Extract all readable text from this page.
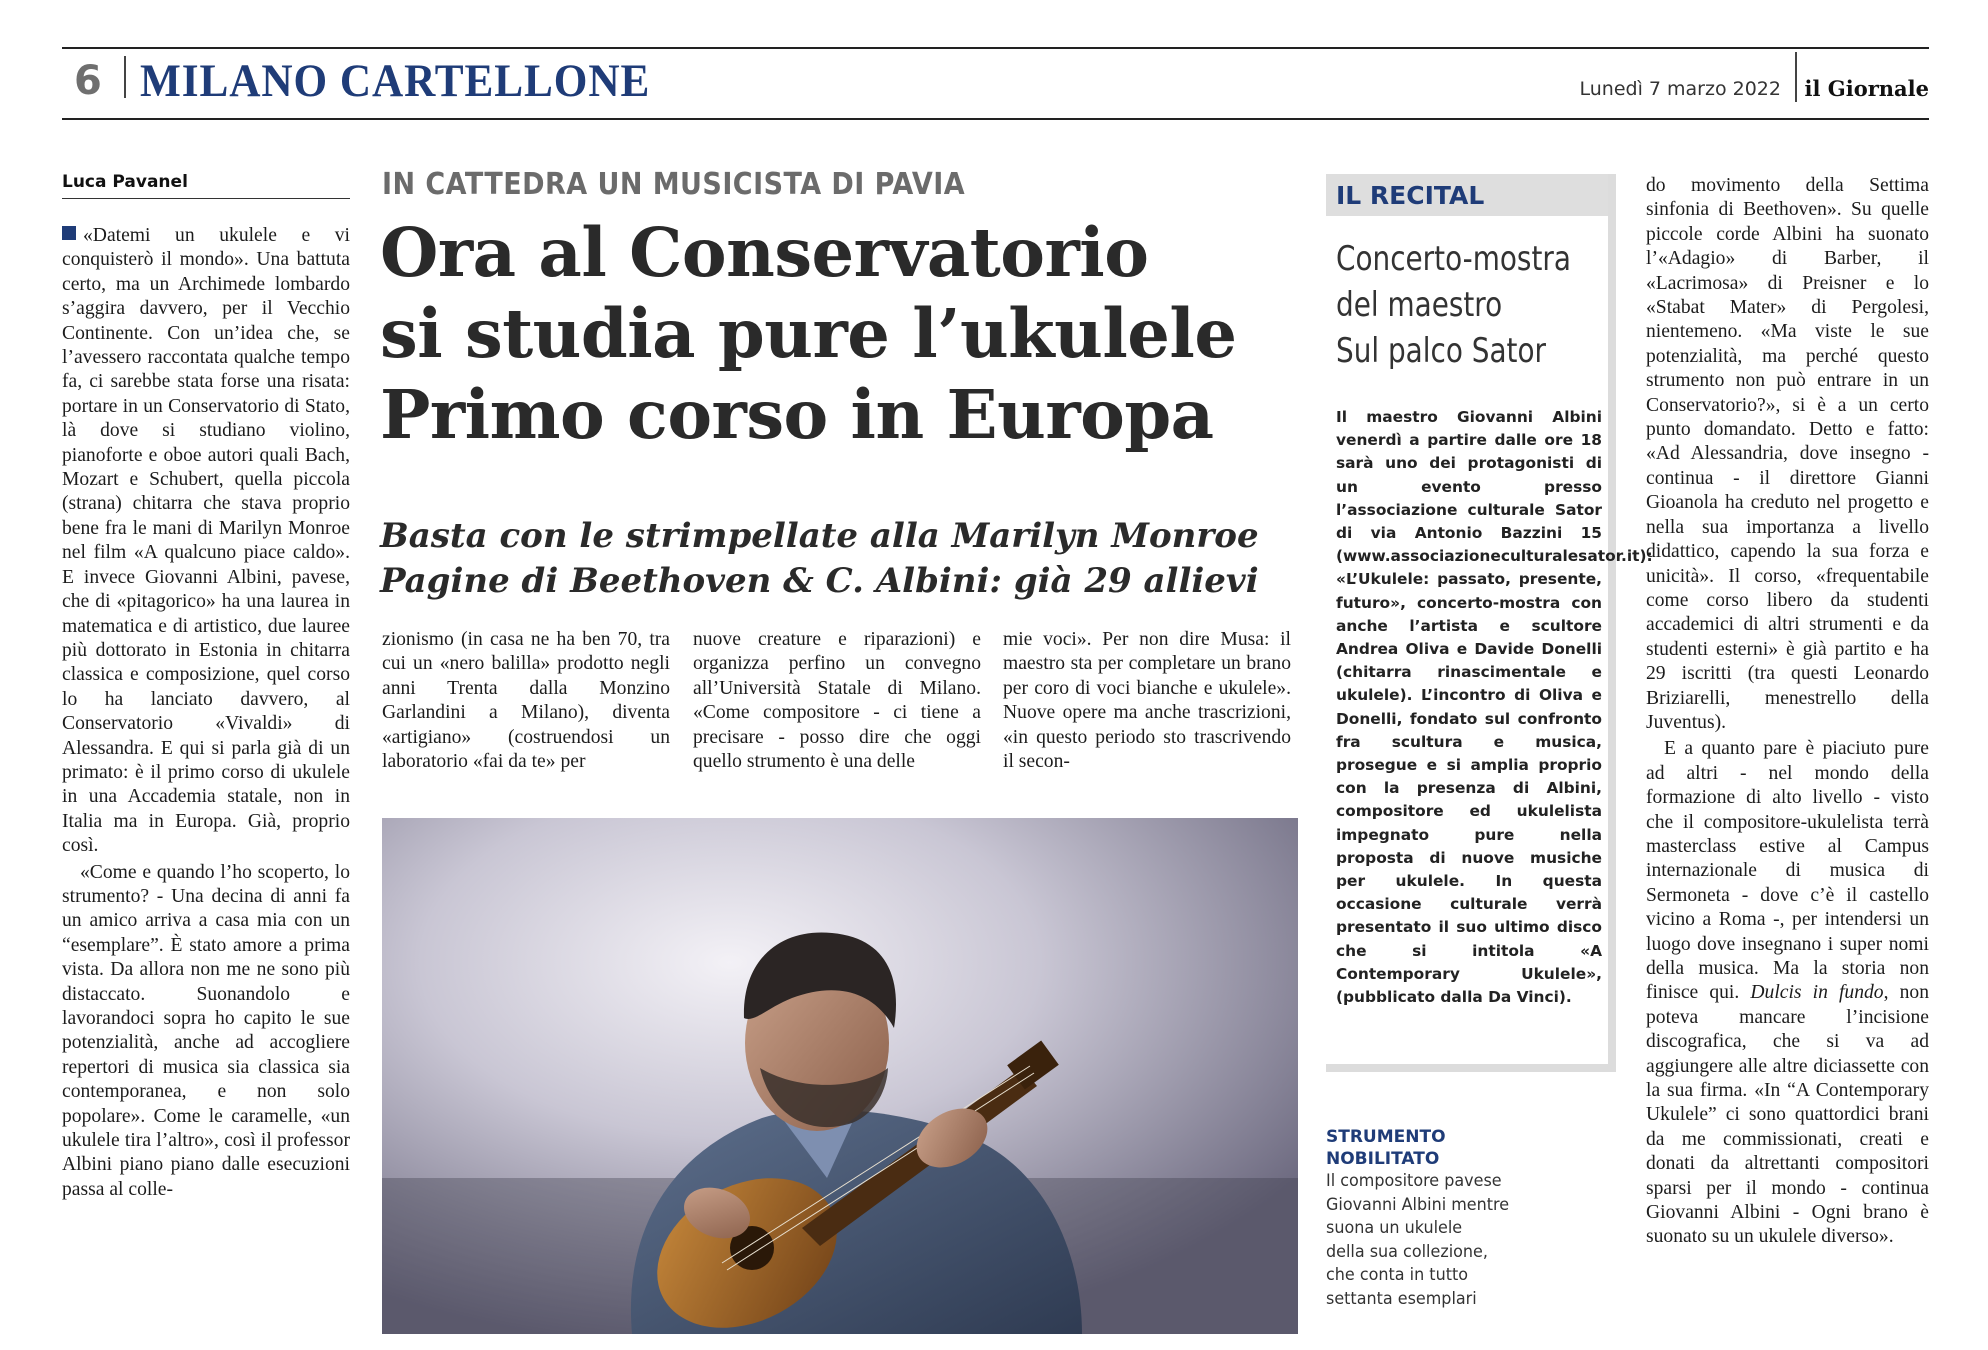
6 MILANO CARTELLONE	Lunedì 7 marzo 2022 il Giornale
Luca Pavanel

«Datemi un ukulele e vi conquisterò il mondo». Una battuta certo, ma un Archimede lombardo s’aggira davvero, per il Vecchio Continente. Con un’idea che, se l’avessero raccontata qualche tempo fa, ci sarebbe stata forse una risata: portare in un Conservatorio di Stato, là dove si studiano violino, pianoforte e oboe autori quali Bach, Mozart e Schubert, quella piccola (strana) chitarra che stava proprio bene fra le mani di Marilyn Monroe nel film «A qualcuno piace caldo». E invece Giovanni Albini, pavese, che di «pitagorico» ha una laurea in matematica e di artistico, due lauree più dottorato in Estonia in chitarra classica e composizione, quel corso lo ha lanciato davvero, al Conservatorio «Vivaldi» di Alessandra. E qui si parla già di un primato: è il primo corso di ukulele in una Accademia statale, non in Italia ma in Europa. Già, proprio così.

«Come e quando l’ho scoperto, lo strumento? - Una decina di anni fa un amico arriva a casa mia con un “esemplare”. È stato amore a prima vista. Da allora non me ne sono più distaccato. Suonandolo e lavorandoci sopra ho capito le sue potenzialità, anche ad accogliere repertori di musica sia classica sia contemporanea, e non solo popolare». Come le caramelle, «un ukulele tira l’altro», così il professor Albini piano piano dalle esecuzioni passa al colle-

IN CATTEDRA UN MUSICISTA DI PAVIA
Ora al Conservatorio
si studia pure l’ukulele
Primo corso in Europa
Basta con le strimpellate alla Marilyn Monroe
Pagine di Beethoven & C. Albini: già 29 allievi

zionismo (in casa ne ha ben 70, tra cui un «nero balilla» prodotto negli anni Trenta dalla Monzino Garlandini a Milano), diventa «artigiano» (costruendosi un laboratorio «fai da te» per

nuove creature e riparazioni) e organizza perfino un convegno all’Università Statale di Milano. «Come compositore - ci tiene a precisare - posso dire che oggi quello strumento è una delle

mie voci». Per non dire Musa: il maestro sta per completare un brano per coro di voci bianche e ukulele». Nuove opere ma anche trascrizioni, «in questo periodo sto trascrivendo il secon-

IL RECITAL
Concerto-mostra
del maestro
Sul palco Sator
Il maestro Giovanni Albini venerdì a partire dalle ore 18 sarà uno dei protagonisti di un evento presso l’associazione culturale Sator di via Antonio Bazzini 15 (www.associazioneculturalesator.it): «L’Ukulele: passato, presente, futuro», concerto-mostra con anche l’artista e scultore Andrea Oliva e Davide Donelli (chitarra rinascimentale e ukulele). L’incontro di Oliva e Donelli, fondato sul confronto fra scultura e musica, prosegue e si amplia proprio con la presenza di Albini, compositore ed ukulelista impegnato pure nella proposta di nuove musiche per ukulele. In questa occasione culturale verrà presentato il suo ultimo disco che si intitola «A Contemporary Ukulele», (pubblicato dalla Da Vinci).
STRUMENTO
NOBILITATO
Il compositore pavese
Giovanni Albini mentre
suona un ukulele
della sua collezione,
che conta in tutto
settanta esemplari

do movimento della Settima sinfonia di Beethoven». Su quelle piccole corde Albini ha suonato l’«Adagio» di Barber, il «Lacrimosa» di Preisner e lo «Stabat Mater» di Pergolesi, nientemeno. «Ma viste le sue potenzialità, ma perché questo strumento non può entrare in un Conservatorio?», si è a un certo punto domandato. Detto e fatto: «Ad Alessandria, dove insegno - continua - il direttore Gianni Gioanola ha creduto nel progetto e nella sua importanza a livello didattico, capendo la sua forza e unicità». Il corso, «frequentabile come corso libero da studenti accademici di altri strumenti e da studenti esterni» è già partito e ha 29 iscritti (tra questi Leonardo Briziarelli, menestrello della Juventus).

E a quanto pare è piaciuto pure ad altri - nel mondo della formazione di alto livello - visto che il compositore-ukulelista terrà masterclass estive al Campus internazionale di musica di Sermoneta - dove c’è il castello vicino a Roma -, per intendersi un luogo dove insegnano i super nomi della musica. Ma la storia non finisce qui. Dulcis in fundo, non poteva mancare l’incisione discografica, che si va ad aggiungere alle altre diciassette con la sua firma. «In “A Contemporary Ukulele” ci sono quattordici brani da me commissionati, creati e donati da altrettanti compositori sparsi per il mondo - continua Giovanni Albini - Ogni brano è suonato su un ukulele diverso».
